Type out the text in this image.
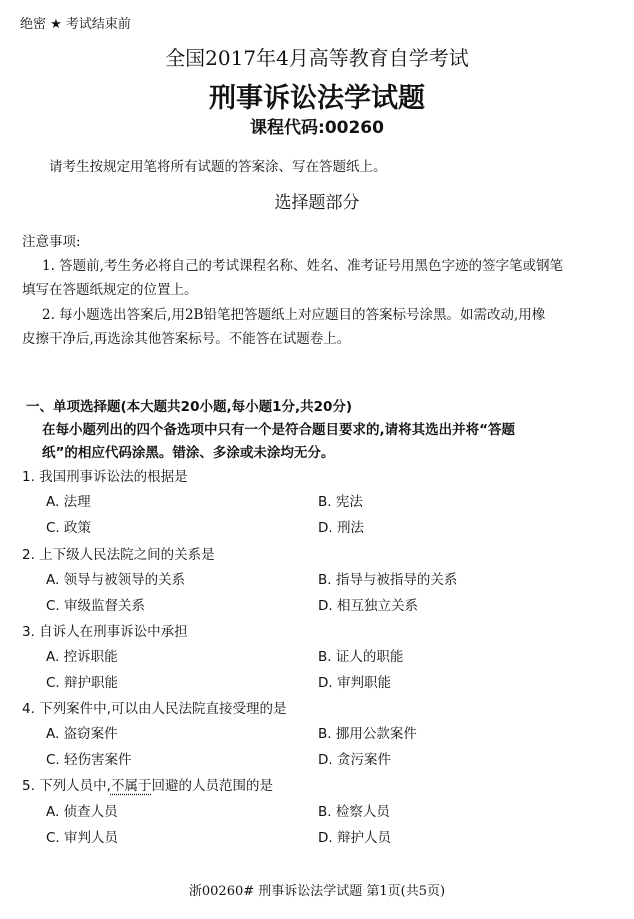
绝密 ★ 考试结束前
全国2017年4月高等教育自学考试
刑事诉讼法学试题
课程代码:00260
请考生按规定用笔将所有试题的答案涂、写在答题纸上。
选择题部分
注意事项:
1. 答题前,考生务必将自己的考试课程名称、姓名、准考证号用黑色字迹的签字笔或钢笔
填写在答题纸规定的位置上。
2. 每小题选出答案后,用2B铅笔把答题纸上对应题目的答案标号涂黑。如需改动,用橡
皮擦干净后,再选涂其他答案标号。不能答在试题卷上。
一、单项选择题(本大题共20小题,每小题1分,共20分)
在每小题列出的四个备选项中只有一个是符合题目要求的,请将其选出并将“答题
纸”的相应代码涂黑。错涂、多涂或未涂均无分。
1. 我国刑事诉讼法的根据是
A. 法理	B. 宪法
C. 政策	D. 刑法
2. 上下级人民法院之间的关系是
A. 领导与被领导的关系	B. 指导与被指导的关系
C. 审级监督关系	D. 相互独立关系
3. 自诉人在刑事诉讼中承担
A. 控诉职能	B. 证人的职能
C. 辩护职能	D. 审判职能
4. 下列案件中,可以由人民法院直接受理的是
A. 盗窃案件	B. 挪用公款案件
C. 轻伤害案件	D. 贪污案件
5. 下列人员中,不属于回避的人员范围的是
A. 侦查人员	B. 检察人员
C. 审判人员	D. 辩护人员
浙00260# 刑事诉讼法学试题 第1页(共5页)
